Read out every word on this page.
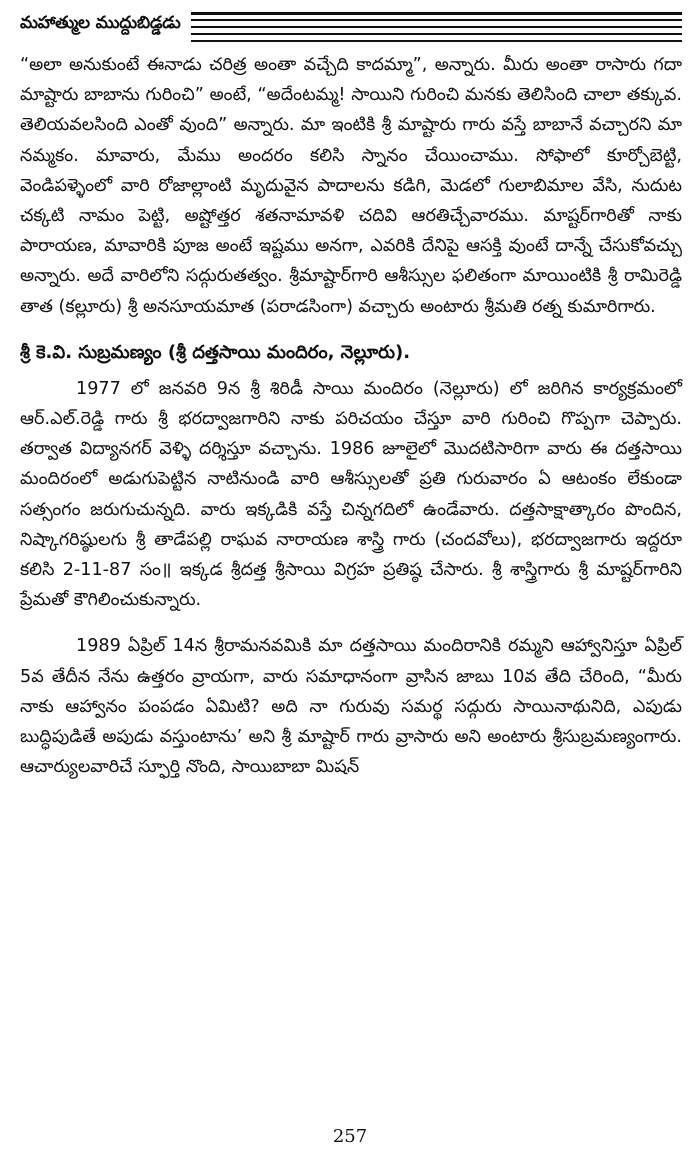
మహాత్ముల ముద్దుబిడ్డడు

“అలా అనుకుంటే ఈనాడు చరిత్ర అంతా వచ్చేది కాదమ్మా”, అన్నారు. మీరు అంతా రాసారు గదా మాష్టారు బాబాను గురించి” అంటే, “అదేంటమ్మ! సాయిని గురించి మనకు తెలిసింది చాలా తక్కువ. తెలియవలసింది ఎంతో వుంది” అన్నారు. మా ఇంటికి శ్రీ మాష్టారు గారు వస్తే బాబానే వచ్చారని మా నమ్మకం. మావారు, మేము అందరం కలిసి స్నానం చేయించాము. సోఫాలో కూర్చోబెట్టి, వెండిపళ్ళెంలో వారి రోజాల్లాంటి మృదువైన పాదాలను కడిగి, మెడలో గులాబిమాల వేసి, నుదుట చక్కటి నామం పెట్టి, అష్టోత్తర శతనామావళి చదివి ఆరతిచ్చేవారము. మాష్టర్‌గారితో నాకు పారాయణ, మావారికి పూజ అంటే ఇష్టము అనగా, ఎవరికి దేనిపై ఆసక్తి వుంటే దాన్నే చేసుకోవచ్చు అన్నారు. అదే వారిలోని సద్గురుతత్వం. శ్రీమాష్టార్‌గారి ఆశీస్సుల ఫలితంగా మాయింటికి శ్రీ రామిరెడ్డి తాత (కల్లూరు) శ్రీ అనసూయమాత (పరాడసింగా) వచ్చారు అంటారు శ్రీమతి రత్న కుమారిగారు.

శ్రీ కె.వి. సుబ్రమణ్యం (శ్రీ దత్తసాయి మందిరం, నెల్లూరు).

1977 లో జనవరి 9న శ్రీ శిరిడీ సాయి మందిరం (నెల్లూరు) లో జరిగిన కార్యక్రమంలో ఆర్.ఎల్.రెడ్డి గారు శ్రీ భరద్వాజగారిని నాకు పరిచయం చేస్తూ వారి గురించి గొప్పగా చెప్పారు. తర్వాత విద్యానగర్ వెళ్ళి దర్శిస్తూ వచ్చాను. 1986 జూలైలో మొదటిసారిగా వారు ఈ దత్తసాయి మందిరంలో అడుగుపెట్టిన నాటినుండి వారి ఆశీస్సులతో ప్రతి గురువారం ఏ ఆటంకం లేకుండా సత్సంగం జరుగుచున్నది. వారు ఇక్కడికి వస్తే చిన్నగదిలో ఉండేవారు. దత్తసాక్షాత్కారం పొందిన, నిష్కాగరిష్ఠులగు శ్రీ తాడేపల్లి రాఘవ నారాయణ శాస్త్రి గారు (చందవోలు), భరద్వాజగారు ఇద్దరూ కలిసి 2-11-87 సం॥ ఇక్కడ శ్రీదత్త శ్రీసాయి విగ్రహ ప్రతిష్ఠ చేసారు. శ్రీ శాస్త్రిగారు శ్రీ మాష్టర్‌గారిని ప్రేమతో కౌగిలించుకున్నారు.

1989 ఏప్రిల్ 14న శ్రీరామనవమికి మా దత్తసాయి మందిరానికి రమ్మని ఆహ్వానిస్తూ ఏప్రిల్ 5వ తేదీన నేను ఉత్తరం వ్రాయగా, వారు సమాధానంగా వ్రాసిన జాబు 10వ తేది చేరింది, “మీరు నాకు ఆహ్వానం పంపడం ఏమిటి? అది నా గురువు సమర్థ సద్గురు సాయినాథునిది, ఎపుడు బుద్ధిపుడితే అపుడు వస్తుంటాను’ అని శ్రీ మాష్టార్ గారు వ్రాసారు అని అంటారు శ్రీసుబ్రమణ్యంగారు. ఆచార్యులవారిచే స్ఫూర్తి నొంది, సాయిబాబా మిషన్

257
